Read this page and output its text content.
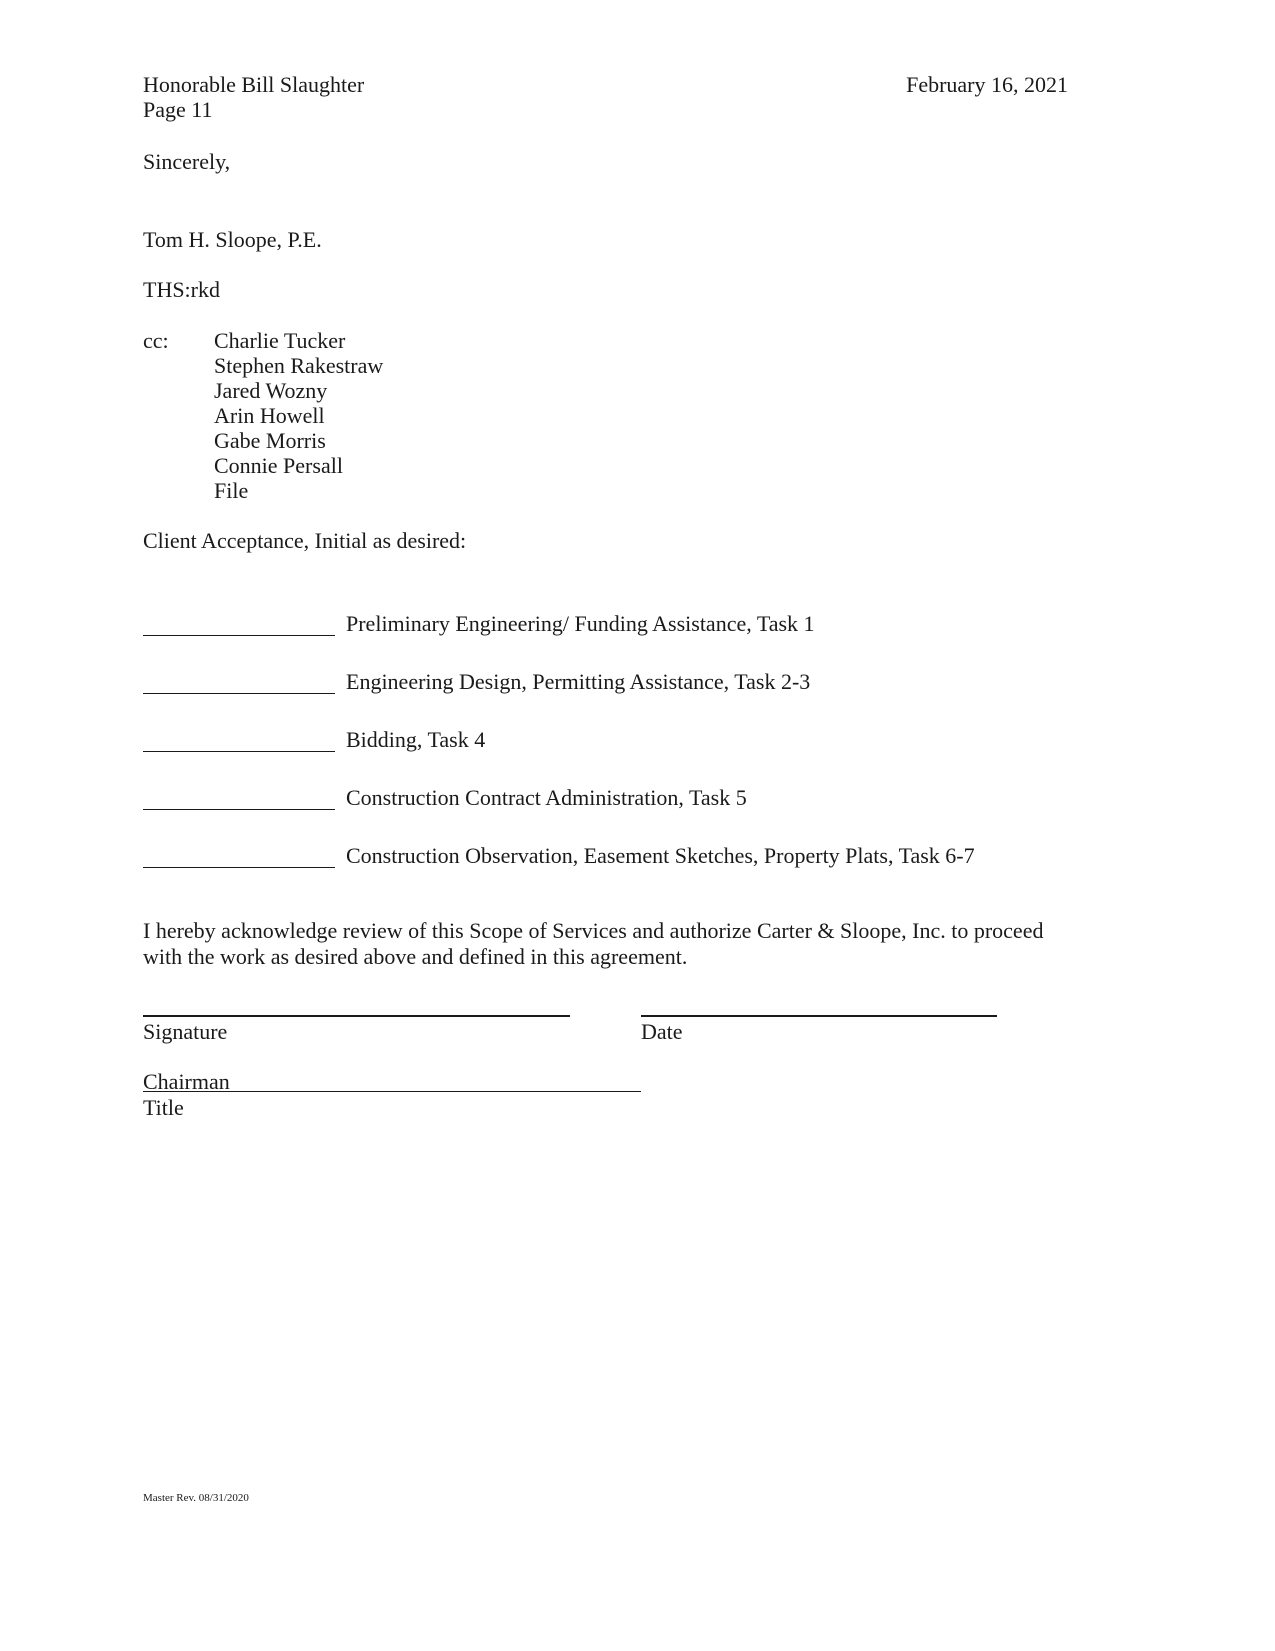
Honorable Bill Slaughter	February 16, 2021
Page 11
Sincerely,
Tom H. Sloope, P.E.
THS:rkd
cc: Charlie Tucker
Stephen Rakestraw
Jared Wozny
Arin Howell
Gabe Morris
Connie Persall
File
Client Acceptance, Initial as desired:
Preliminary Engineering/ Funding Assistance, Task 1
Engineering Design, Permitting Assistance, Task 2-3
Bidding, Task 4
Construction Contract Administration, Task 5
Construction Observation, Easement Sketches, Property Plats, Task 6-7
I hereby acknowledge review of this Scope of Services and authorize Carter & Sloope, Inc. to proceed
with the work as desired above and defined in this agreement.
Signature	Date
Chairman
Title
Master Rev. 08/31/2020
